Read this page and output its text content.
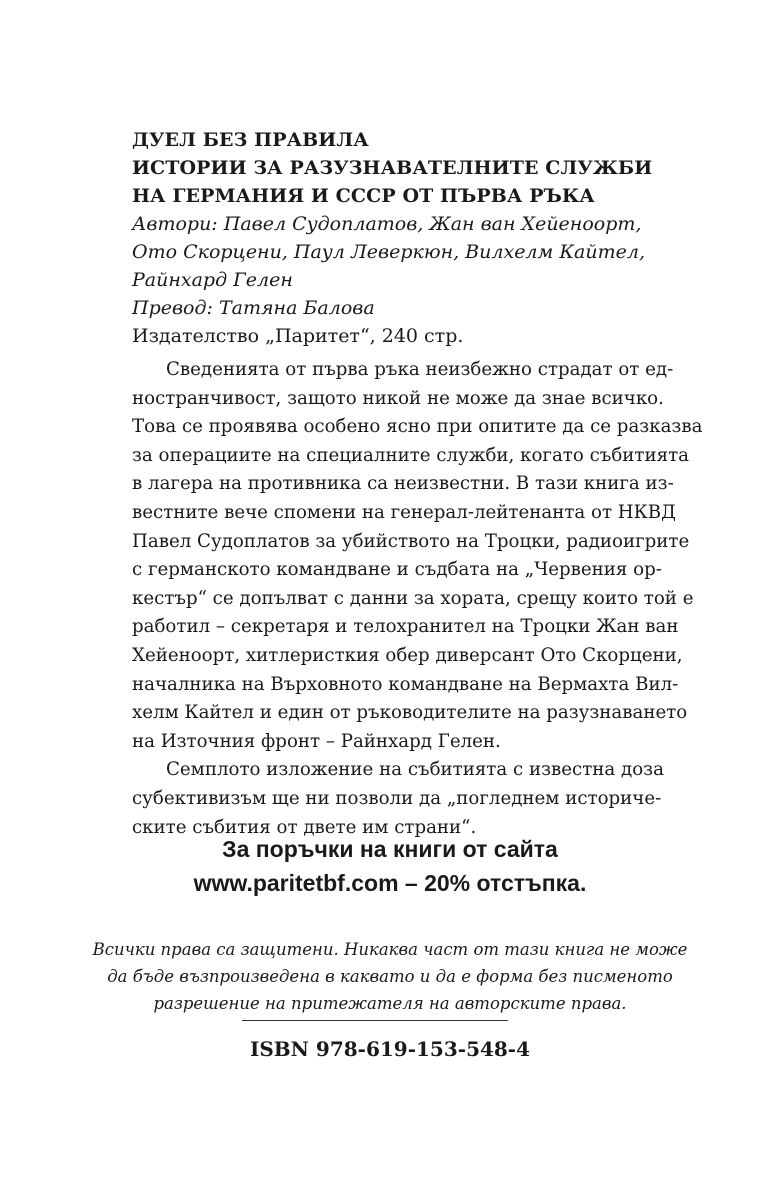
ДУЕЛ БЕЗ ПРАВИЛА
ИСТОРИИ ЗА РАЗУЗНАВАТЕЛНИТЕ СЛУЖБИ
НА ГЕРМАНИЯ И СССР ОТ ПЪРВА РЪКА
Автори: Павел Судоплатов, Жан ван Хейеноорт,
Ото Скорцени, Паул Леверкюн, Вилхелм Кайтел,
Райнхард Гелен
Превод: Татяна Балова
Издателство „Паритет“, 240 стр.
Сведенията от първа ръка неизбежно страдат от ед-
ностранчивост, защото никой не може да знае всичко.
Това се проявява особено ясно при опитите да се разказва
за операциите на специалните служби, когато събитията
в лагера на противника са неизвестни. В тази книга из-
вестните вече спомени на генерал-лейтенанта от НКВД
Павел Судоплатов за убийството на Троцки, радиоигрите
с германското командване и съдбата на „Червения ор-
кестър“ се допълват с данни за хората, срещу които той е
работил – секретаря и телохранител на Троцки Жан ван
Хейеноорт, хитлеристкия обер диверсант Ото Скорцени,
началника на Върховното командване на Вермахта Вил-
хелм Кайтел и един от ръководителите на разузнаването
на Източния фронт – Райнхард Гелен.
Семплото изложение на събитията с известна доза
субективизъм ще ни позволи да „погледнем историче-
ските събития от двете им страни“.
За поръчки на книги от сайта
www.paritetbf.com – 20% отстъпка.
Всички права са защитени. Никаква част от тази книга не може
да бъде възпроизведена в каквато и да е форма без писменото
разрешение на притежателя на авторските права.
ISBN 978-619-153-548-4
